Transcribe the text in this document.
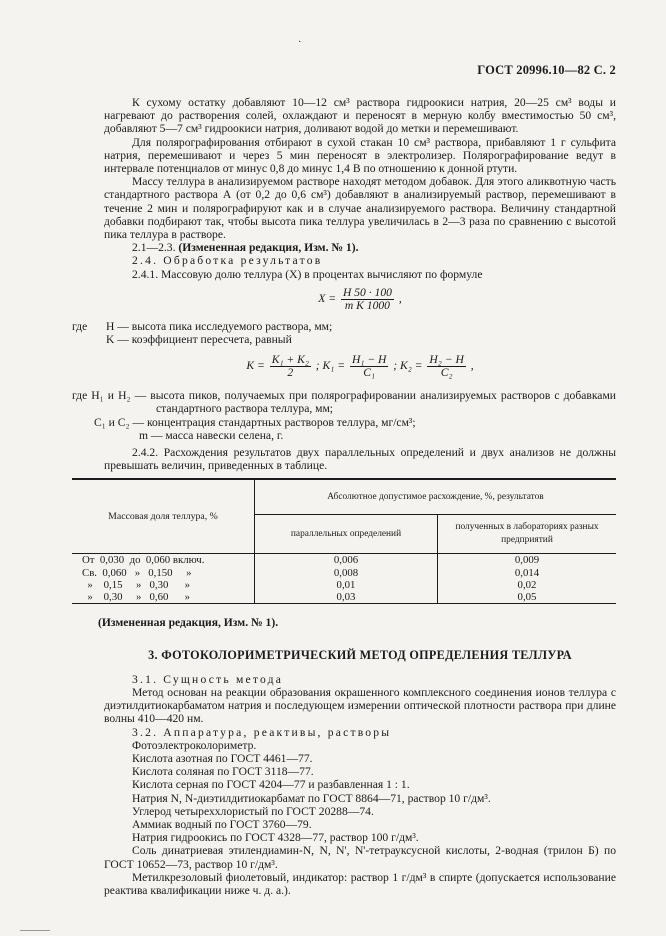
·
ГОСТ 20996.10—82 С. 2

К сухому остатку добавляют 10—12 см³ раствора гидроокиси натрия, 20—25 см³ воды и нагревают до растворения солей, охлаждают и переносят в мерную колбу вместимостью 50 см³, добавляют 5—7 см³ гидроокиси натрия, доливают водой до метки и перемешивают.

Для полярографирования отбирают в сухой стакан 10 см³ раствора, прибавляют 1 г сульфита натрия, перемешивают и через 5 мин переносят в электролизер. Полярографирование ведут в интервале потенциалов от минус 0,8 до минус 1,4 В по отношению к донной ртути.

Массу теллура в анализируемом растворе находят методом добавок. Для этого аликвотную часть стандартного раствора А (от 0,2 до 0,6 см³) добавляют в анализируемый раствор, перемешивают в течение 2 мин и полярографируют как и в случае анализируемого раствора. Величину стандартной добавки подбирают так, чтобы высота пика теллура увеличилась в 2—3 раза по сравнению с высотой пика теллура в растворе.

2.1—2.3. (Измененная редакция, Изм. № 1).

2.4. Обработка результатов

2.4.1. Массовую долю теллура (X) в процентах вычисляют по формуле

$X = \frac{H 50 \cdot 100}{\text{m K 1000}}$ ,
где	H — высота пика исследуемого раствора, мм;
K — коэффициент пересчета, равный
$K = \frac{\text{K₁ + K₂}}{2}$ ; $K_1 = \frac{\text{H₁ − H}}{\text{C₁}}$ ; $K_2 = \frac{\text{H₂ − H}}{\text{C₂}}$ ,

где H₁ и H₂ — высота пиков, получаемых при полярографировании анализируемых растворов с добавками стандартного раствора теллура, мм;

C₁ и C₂ — концентрация стандартных растворов теллура, мг/см³;

m — масса навески селена, г.

2.4.2. Расхождения результатов двух параллельных определений и двух анализов не должны превышать величин, приведенных в таблице.

Массовая доля теллура, %	Абсолютное допустимое расхождение, %, результатов	
	параллельных определений	полученных в лабораториях разных предприятий
От  0,030  до  0,060 включ.	0,006	0,009
Св.  0,060   »   0,150     »	0,008	0,014
»    0,15     »   0,30      »	0,01	0,02
»    0,30     »   0,60      »	0,03	0,05

(Измененная редакция, Изм. № 1).

3. ФОТОКОЛОРИМЕТРИЧЕСКИЙ МЕТОД ОПРЕДЕЛЕНИЯ ТЕЛЛУРА

3.1. Сущность метода

Метод основан на реакции образования окрашенного комплексного соединения ионов теллура с диэтилдитиокарбаматом натрия и последующем измерении оптической плотности раствора при длине волны 410—420 нм.

3.2. Аппаратура, реактивы, растворы

Фотоэлектроколориметр.

Кислота азотная по ГОСТ 4461—77.

Кислота соляная по ГОСТ 3118—77.

Кислота серная по ГОСТ 4204—77 и разбавленная 1 : 1.

Натрия N, N-диэтилдитиокарбамат по ГОСТ 8864—71, раствор 10 г/дм³.

Углерод четыреххлористый по ГОСТ 20288—74.

Аммиак водный по ГОСТ 3760—79.

Натрия гидроокись по ГОСТ 4328—77, раствор 100 г/дм³.

Соль динатриевая этилендиамин-N, N, N', N'-тетрауксусной кислоты, 2-водная (трилон Б) по ГОСТ 10652—73, раствор 10 г/дм³.

Метилкрезоловый фиолетовый, индикатор: раствор 1 г/дм³ в спирте (допускается использование реактива квалификации ниже ч. д. а.).
